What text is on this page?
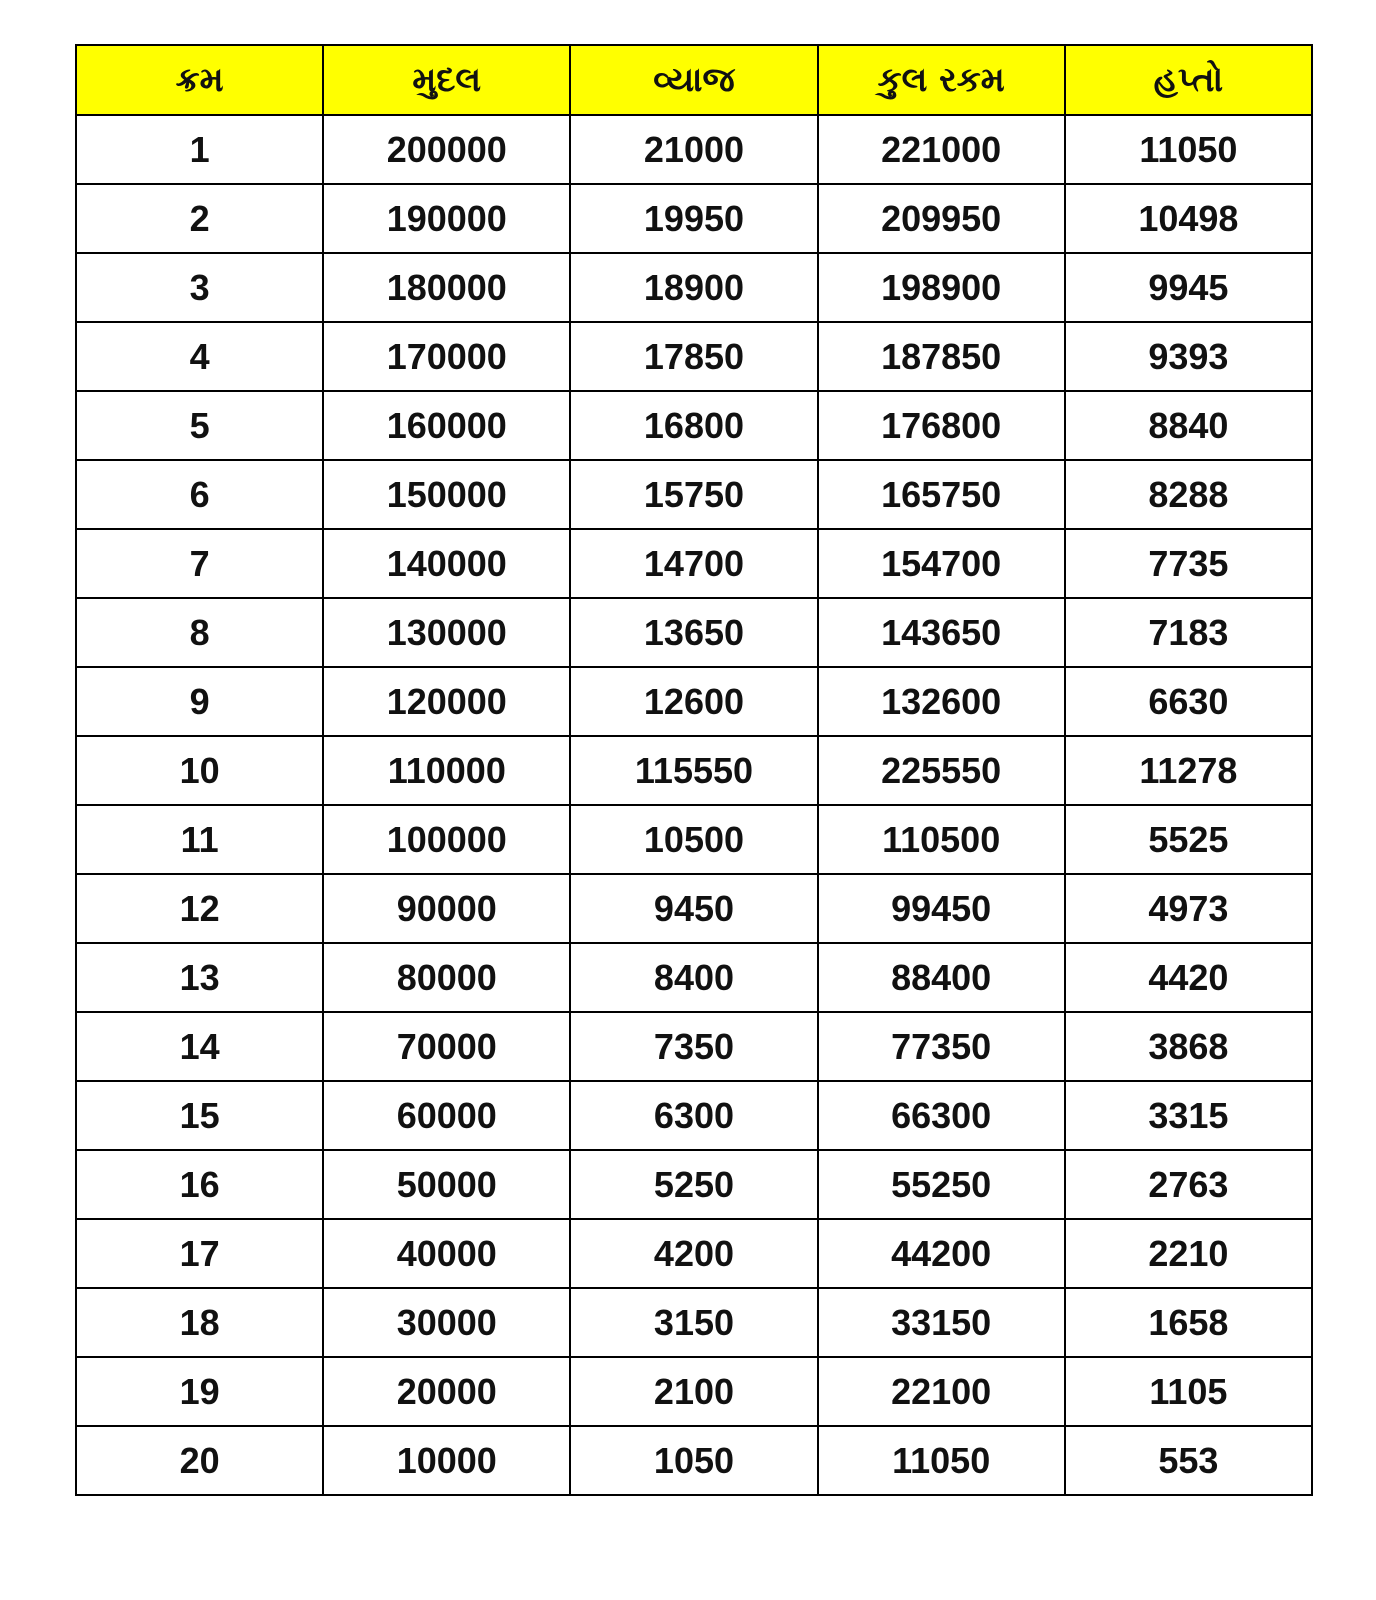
ક્રમ	મુદલ	વ્યાજ	કુલ રકમ	હપ્તો
1	200000	21000	221000	11050
2	190000	19950	209950	10498
3	180000	18900	198900	9945
4	170000	17850	187850	9393
5	160000	16800	176800	8840
6	150000	15750	165750	8288
7	140000	14700	154700	7735
8	130000	13650	143650	7183
9	120000	12600	132600	6630
10	110000	115550	225550	11278
11	100000	10500	110500	5525
12	90000	9450	99450	4973
13	80000	8400	88400	4420
14	70000	7350	77350	3868
15	60000	6300	66300	3315
16	50000	5250	55250	2763
17	40000	4200	44200	2210
18	30000	3150	33150	1658
19	20000	2100	22100	1105
20	10000	1050	11050	553
